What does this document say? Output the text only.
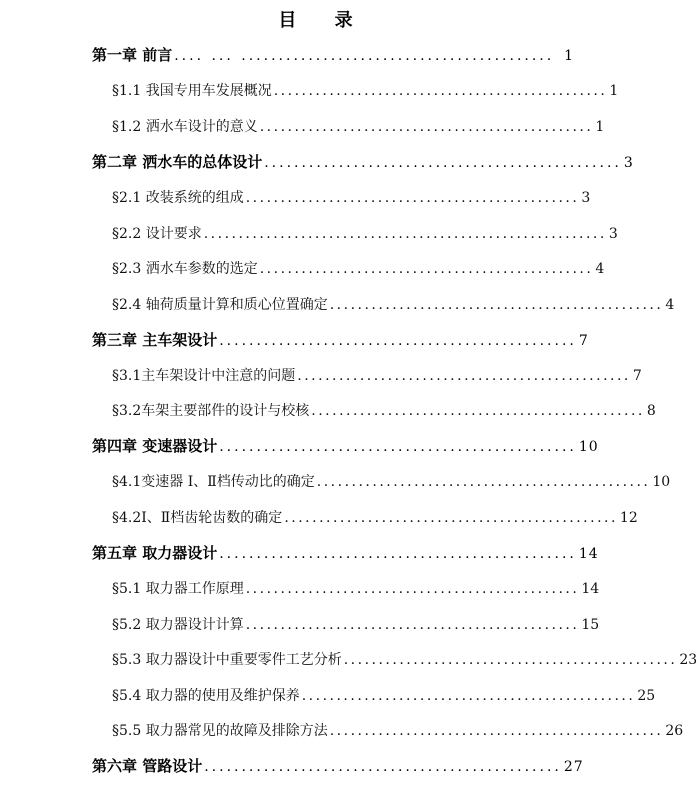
目 录
第一章 前言 .... ... .......................................... 1
§1.1 我国专用车发展概况 ................................................ 1
§1.2 洒水车设计的意义 ................................................ 1
第二章 洒水车的总体设计 ................................................ 3
§2.1 改装系统的组成 ................................................ 3
§2.2 设计要求 .......................................................... 3
§2.3 洒水车参数的选定 ................................................ 4
§2.4 轴荷质量计算和质心位置确定 ................................................ 4
第三章 主车架设计 ................................................ 7
§3.1主车架设计中注意的问题 ................................................ 7
§3.2车架主要部件的设计与校核 ................................................ 8
第四章 变速器设计 ................................................ 10
§4.1变速器 Ⅰ、Ⅱ档传动比的确定 ................................................ 10
§4.2Ⅰ、Ⅱ档齿轮齿数的确定 ................................................ 12
第五章 取力器设计 ................................................ 14
§5.1 取力器工作原理 ................................................ 14
§5.2 取力器设计计算 ................................................ 15
§5.3 取力器设计中重要零件工艺分析 ................................................ 23
§5.4 取力器的使用及维护保养 ................................................ 25
§5.5 取力器常见的故障及排除方法 ................................................ 26
第六章 管路设计 ................................................ 27
